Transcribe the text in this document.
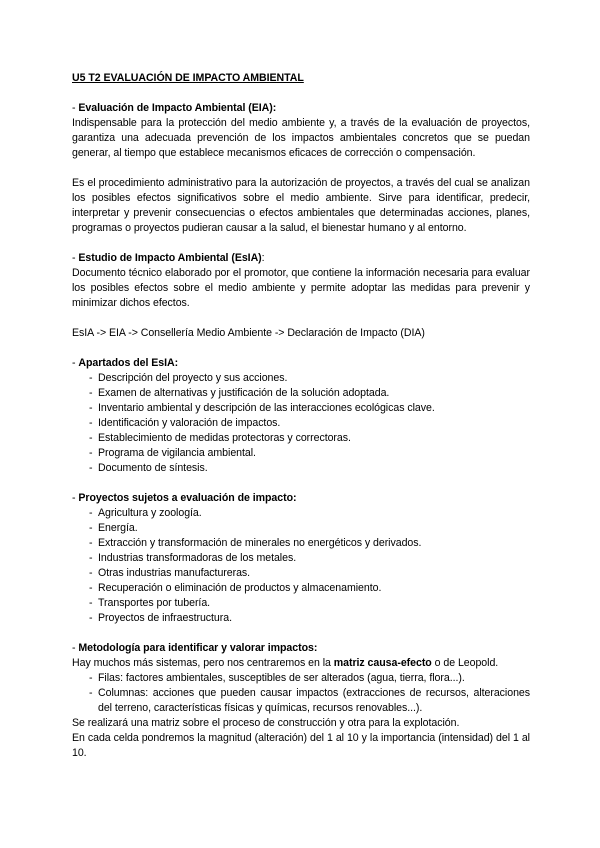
U5 T2 EVALUACIÓN DE IMPACTO AMBIENTAL

- Evaluación de Impacto Ambiental (EIA):

Indispensable para la protección del medio ambiente y, a través de la evaluación de proyectos, garantiza una adecuada prevención de los impactos ambientales concretos que se puedan generar, al tiempo que establece mecanismos eficaces de corrección o compensación.

Es el procedimiento administrativo para la autorización de proyectos, a través del cual se analizan los posibles efectos significativos sobre el medio ambiente. Sirve para identificar, predecir, interpretar y prevenir consecuencias o efectos ambientales que determinadas acciones, planes, programas o proyectos pudieran causar a la salud, el bienestar humano y al entorno.

- Estudio de Impacto Ambiental (EsIA):

Documento técnico elaborado por el promotor, que contiene la información necesaria para evaluar los posibles efectos sobre el medio ambiente y permite adoptar las medidas para prevenir y minimizar dichos efectos.

EsIA -> EIA -> Consellería Medio Ambiente -> Declaración de Impacto (DIA)

- Apartados del EsIA:

- Descripción del proyecto y sus acciones.
- Examen de alternativas y justificación de la solución adoptada.
- Inventario ambiental y descripción de las interacciones ecológicas clave.
- Identificación y valoración de impactos.
- Establecimiento de medidas protectoras y correctoras.
- Programa de vigilancia ambiental.
- Documento de síntesis.

- Proyectos sujetos a evaluación de impacto:

- Agricultura y zoología.
- Energía.
- Extracción y transformación de minerales no energéticos y derivados.
- Industrias transformadoras de los metales.
- Otras industrias manufactureras.
- Recuperación o eliminación de productos y almacenamiento.
- Transportes por tubería.
- Proyectos de infraestructura.

- Metodología para identificar y valorar impactos:

Hay muchos más sistemas, pero nos centraremos en la matriz causa-efecto o de Leopold.

- Filas: factores ambientales, susceptibles de ser alterados (agua, tierra, flora...).
- Columnas: acciones que pueden causar impactos (extracciones de recursos, alteraciones del terreno, características físicas y químicas, recursos renovables...).

Se realizará una matriz sobre el proceso de construcción y otra para la explotación.

En cada celda pondremos la magnitud (alteración) del 1 al 10 y la importancia (intensidad) del 1 al 10.
